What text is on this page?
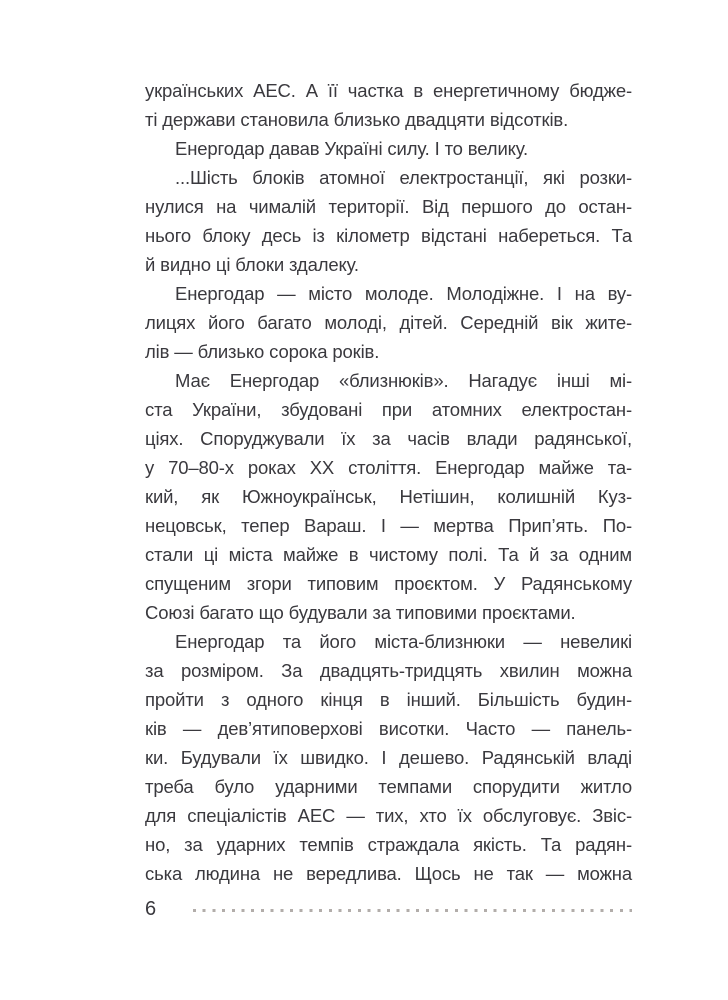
українських АЕС. А її частка в енергетичному бюдже-
ті держави становила близько двадцяти відсотків.
Енергодар давав Україні силу. І то велику.
...Шість блоків атомної електростанції, які розки-
нулися на чималій території. Від першого до остан-
нього блоку десь із кілометр відстані набереться. Та
й видно ці блоки здалеку.
Енергодар — місто молоде. Молодіжне. І на ву-
лицях його багато молоді, дітей. Середній вік жите-
лів — близько сорока років.
Має Енергодар «близнюків». Нагадує інші мі-
ста України, збудовані при атомних електростан-
ціях. Споруджували їх за часів влади радянської,
у 70–80-х роках ХХ століття. Енергодар майже та-
кий, як Южноукраїнськ, Нетішин, колишній Куз-
нецовськ, тепер Вараш. І — мертва Прип’ять. По-
стали ці міста майже в чистому полі. Та й за одним
спущеним згори типовим проєктом. У Радянському
Союзі багато що будували за типовими проєктами.
Енергодар та його міста-близнюки — невеликі
за розміром. За двадцять-тридцять хвилин можна
пройти з одного кінця в інший. Більшість будин-
ків — дев’ятиповерхові висотки. Часто — панель-
ки. Будували їх швидко. І дешево. Радянській владі
треба було ударними темпами спорудити житло
для спеціалістів АЕС — тих, хто їх обслуговує. Звіс-
но, за ударних темпів страждала якість. Та радян-
ська людина не вередлива. Щось не так — можна
6
